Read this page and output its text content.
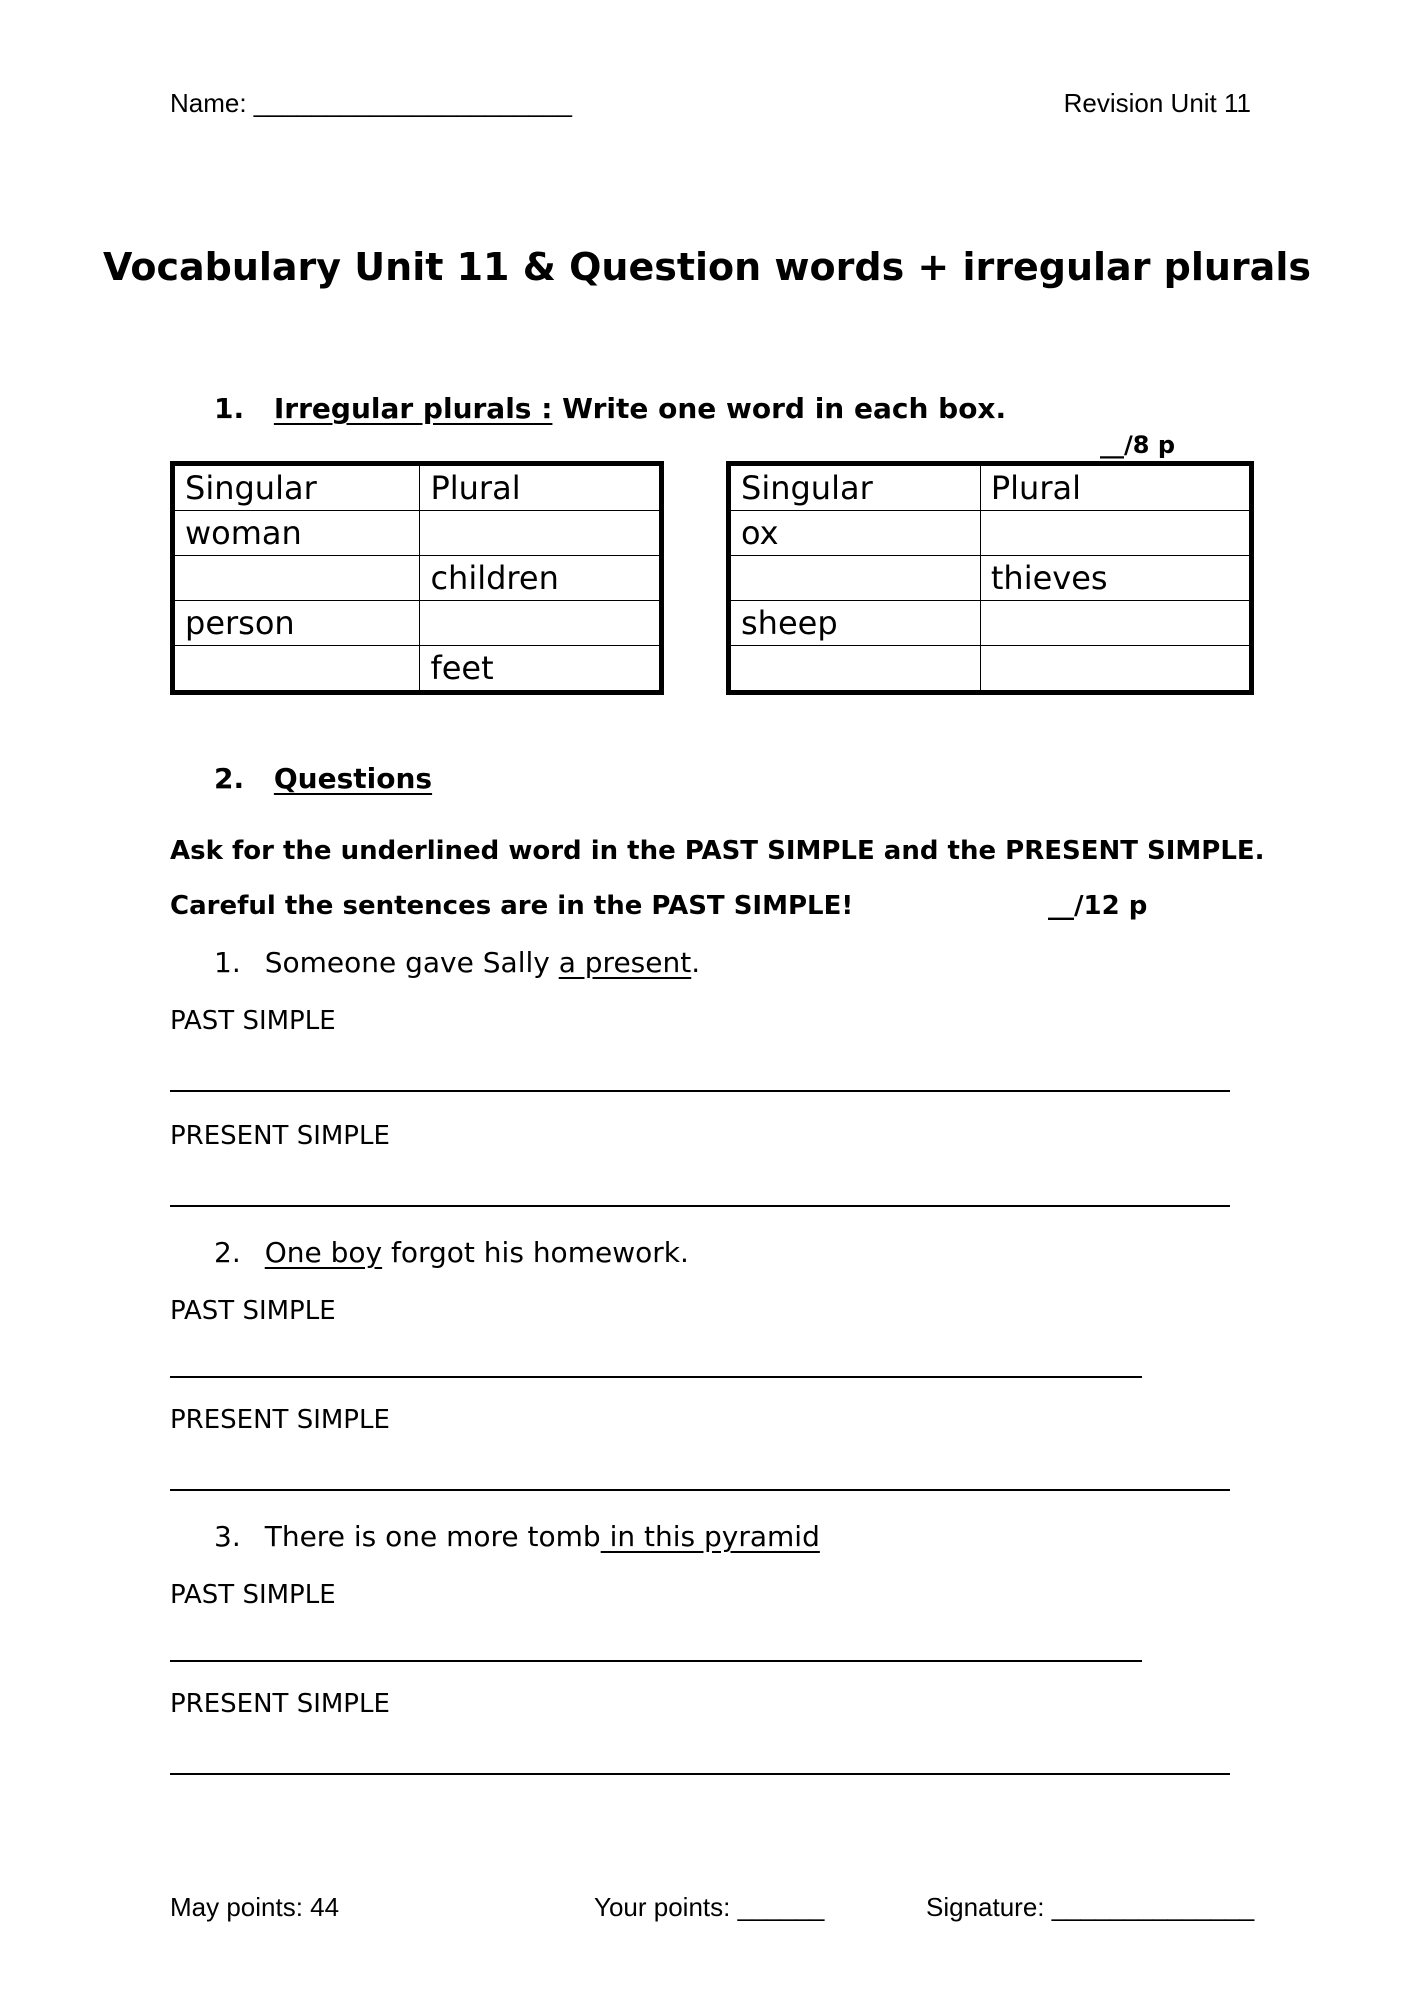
Name: ______________________	Revision Unit 11
Vocabulary Unit 11 & Question words + irregular plurals
1. Irregular plurals : Write one word in each box.
__/8 p
Singular	Plural
woman	
	children
person	
	feet
Singular	Plural
ox	
	thieves
sheep	

2. Questions
Ask for the underlined word in the PAST SIMPLE and the PRESENT SIMPLE.
Careful the sentences are in the PAST SIMPLE!	__/12 p
1. Someone gave Sally a present.
PAST SIMPLE
PRESENT SIMPLE
2. One boy forgot his homework.
PAST SIMPLE
PRESENT SIMPLE
3. There is one more tomb in this pyramid
PAST SIMPLE
PRESENT SIMPLE
May points: 44	Your points: ______	Signature: ______________
